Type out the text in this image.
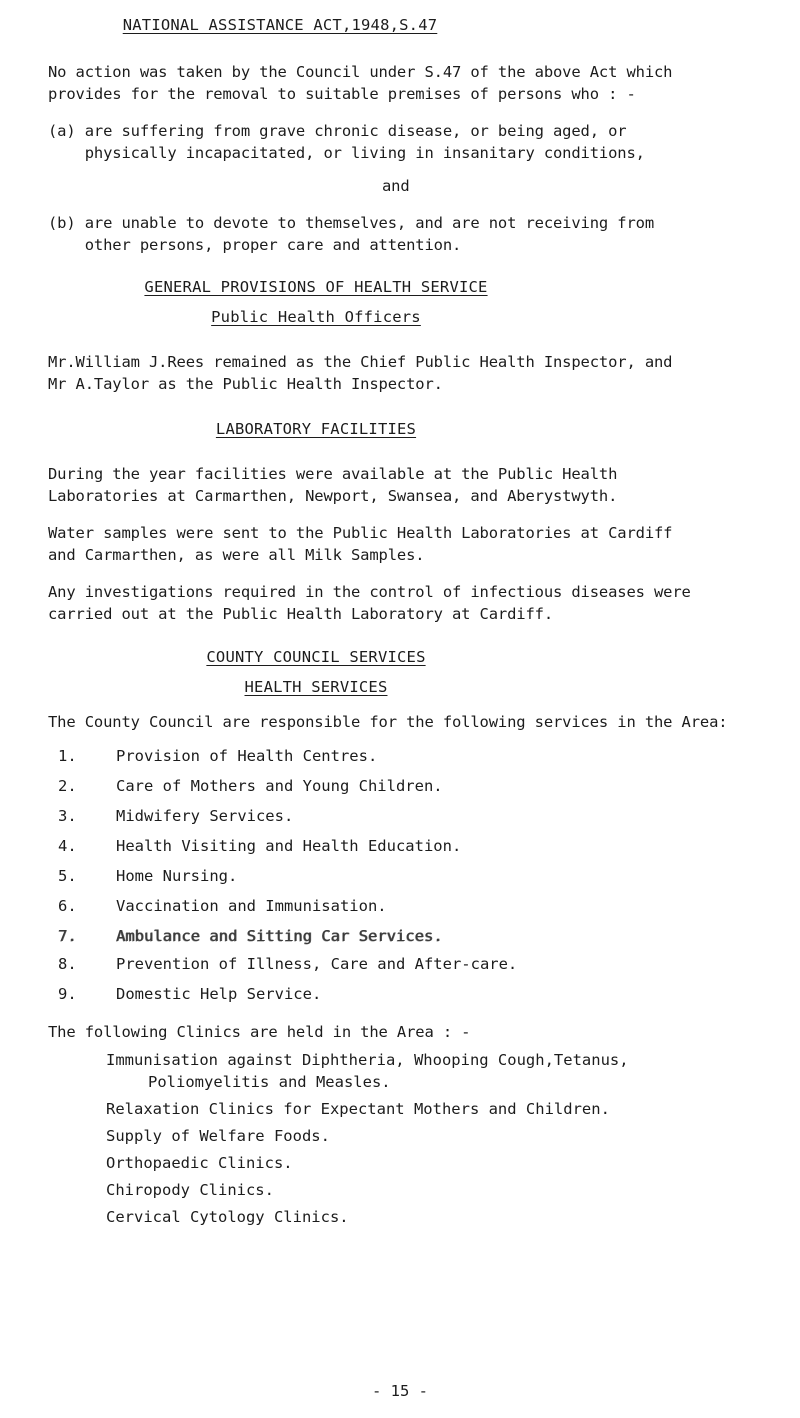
NATIONAL ASSISTANCE ACT,1948,S.47
No action was taken by the Council under S.47 of the above Act which
provides for the removal to suitable premises of persons who : -
(a) are suffering from grave chronic disease, or being aged, or
physically incapacitated, or living in insanitary conditions,
and
(b) are unable to devote to themselves, and are not receiving from
other persons, proper care and attention.
GENERAL PROVISIONS OF HEALTH SERVICE
Public Health Officers
Mr.William J.Rees remained as the Chief Public Health Inspector, and
Mr A.Taylor as the Public Health Inspector.
LABORATORY FACILITIES
During the year facilities were available at the Public Health
Laboratories at Carmarthen, Newport, Swansea, and Aberystwyth.
Water samples were sent to the Public Health Laboratories at Cardiff
and Carmarthen, as were all Milk Samples.
Any investigations required in the control of infectious diseases were
carried out at the Public Health Laboratory at Cardiff.
COUNTY COUNCIL SERVICES
HEALTH SERVICES
The County Council are responsible for the following services in the Area:
1.	Provision of Health Centres.
2.	Care of Mothers and Young Children.
3.	Midwifery Services.
4.	Health Visiting and Health Education.
5.	Home Nursing.
6.	Vaccination and Immunisation.
7.	Ambulance and Sitting Car Services.
8.	Prevention of Illness, Care and After-care.
9.	Domestic Help Service.
The following Clinics are held in the Area : -
Immunisation against Diphtheria, Whooping Cough,Tetanus,
Poliomyelitis and Measles.
Relaxation Clinics for Expectant Mothers and Children.
Supply of Welfare Foods.
Orthopaedic Clinics.
Chiropody Clinics.
Cervical Cytology Clinics.
- 15 -
